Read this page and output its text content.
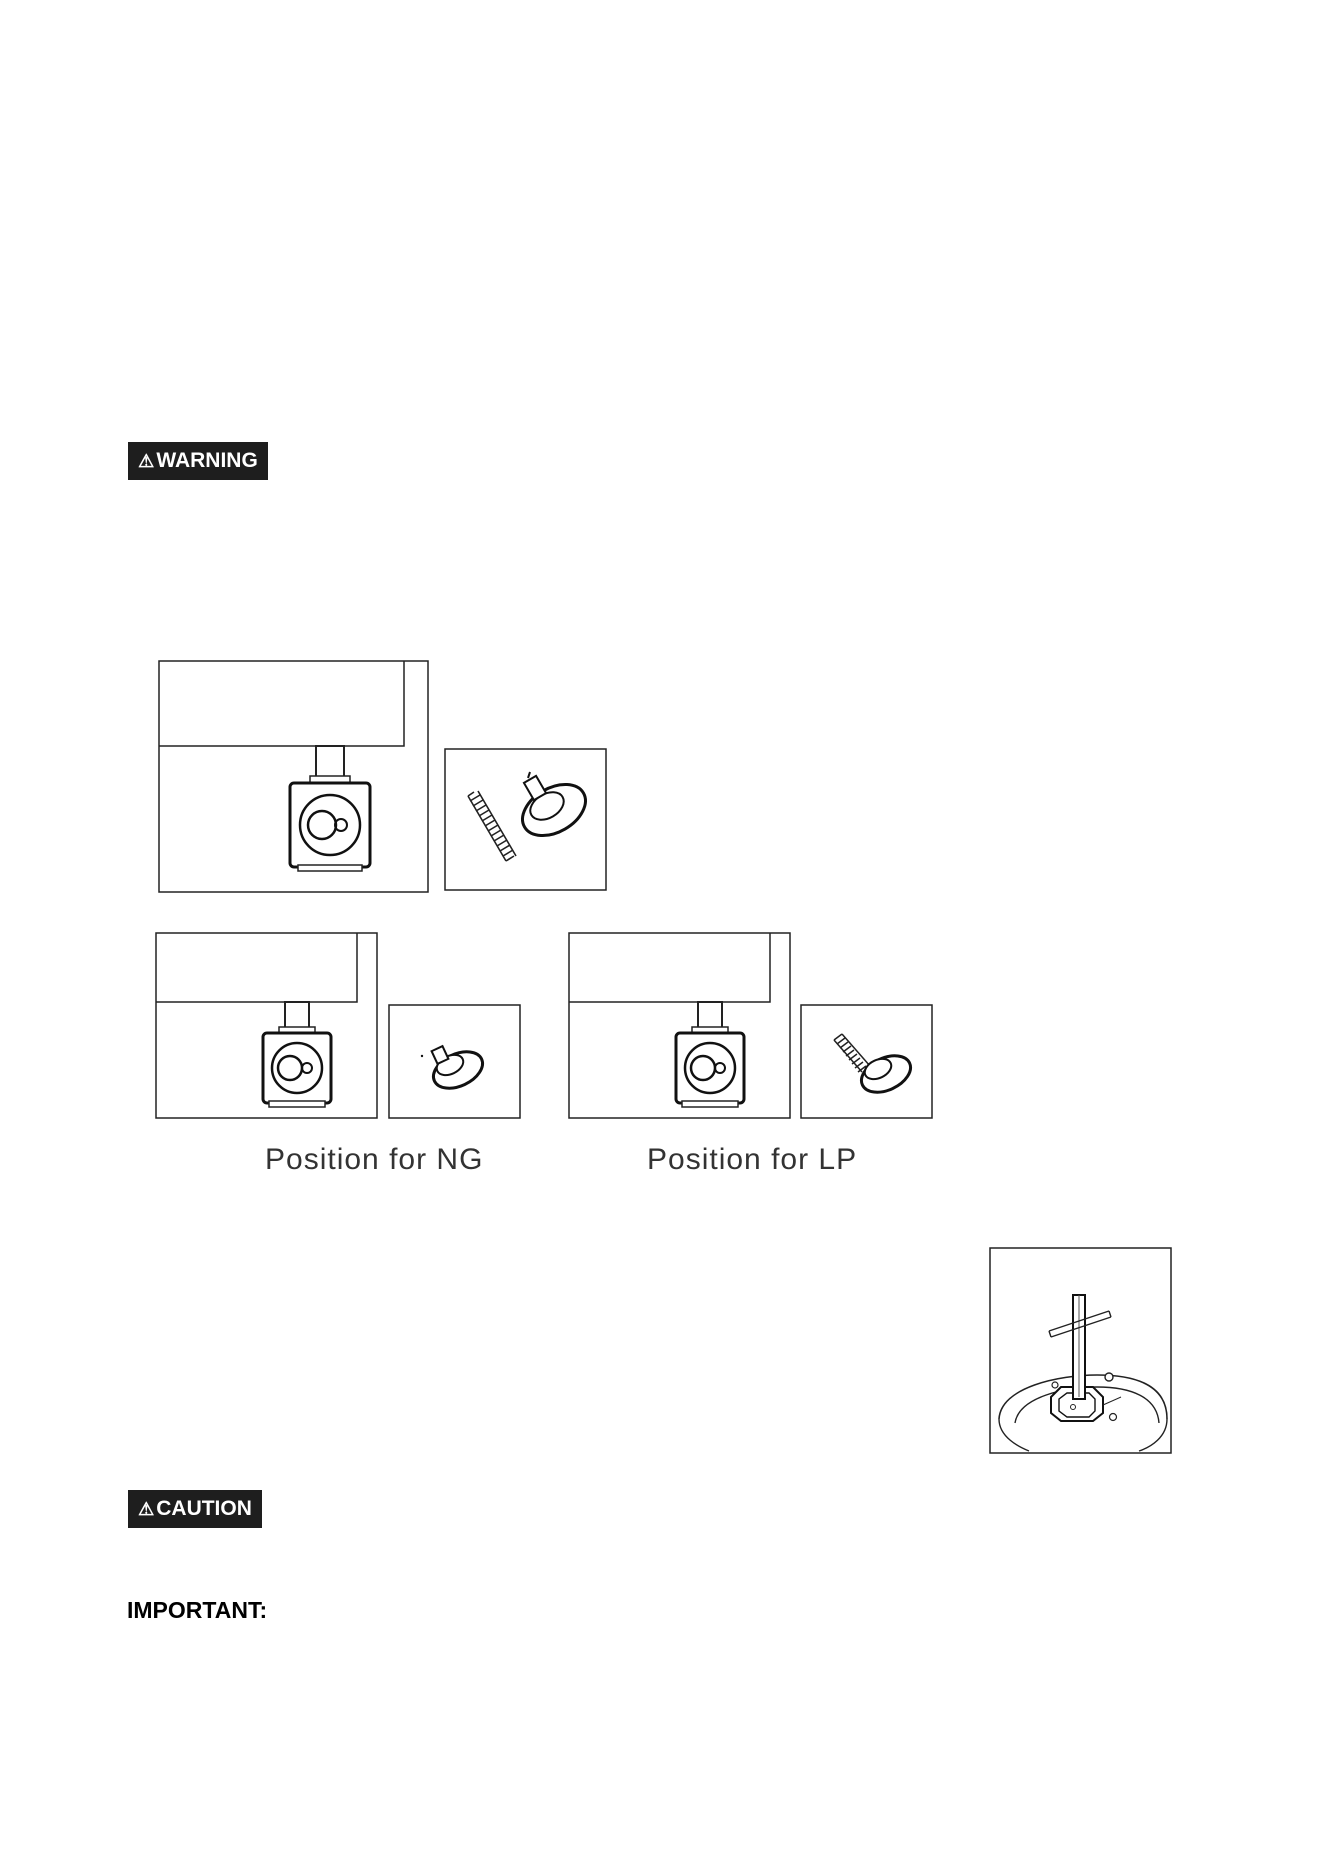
⚠ WARNING
Position for NG	Position for LP
⚠ CAUTION
IMPORTANT:
